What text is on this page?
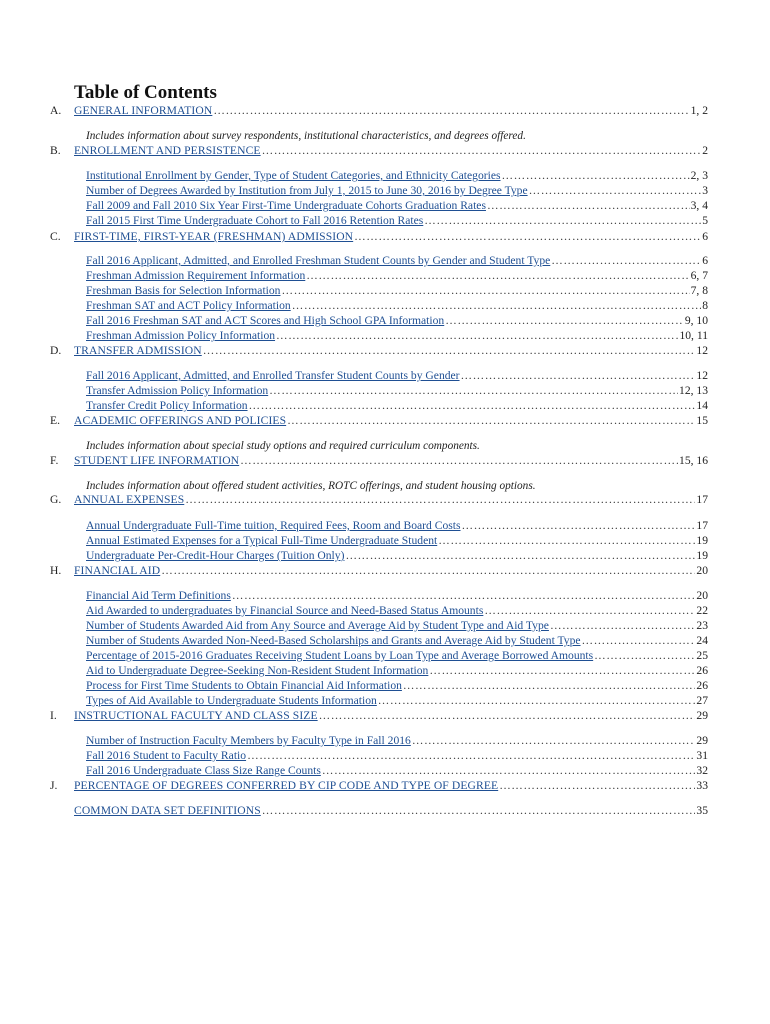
Table of Contents
A. GENERAL INFORMATION …………………………………………………………………………………………………………………………………………………………………………………………………………	1, 2
Includes information about survey respondents, institutional characteristics, and degrees offered.
B. ENROLLMENT AND PERSISTENCE …………………………………………………………………………………………………………………………………………………………………………………………………………	2
Institutional Enrollment by Gender, Type of Student Categories, and Ethnicity Categories …………………………………………………………………………………………………………………………………………………………………………………………………………	2, 3
Number of Degrees Awarded by Institution from July 1, 2015 to June 30, 2016 by Degree Type …………………………………………………………………………………………………………………………………………………………………………………………………………	3
Fall 2009 and Fall 2010 Six Year First-Time Undergraduate Cohorts Graduation Rates …………………………………………………………………………………………………………………………………………………………………………………………………………	3, 4
Fall 2015 First Time Undergraduate Cohort to Fall 2016 Retention Rates …………………………………………………………………………………………………………………………………………………………………………………………………………	5
C. FIRST-TIME, FIRST-YEAR (FRESHMAN) ADMISSION …………………………………………………………………………………………………………………………………………………………………………………………………………	6
Fall 2016 Applicant, Admitted, and Enrolled Freshman Student Counts by Gender and Student Type …………………………………………………………………………………………………………………………………………………………………………………………………………	6
Freshman Admission Requirement Information …………………………………………………………………………………………………………………………………………………………………………………………………………	6, 7
Freshman Basis for Selection Information …………………………………………………………………………………………………………………………………………………………………………………………………………	7, 8
Freshman SAT and ACT Policy Information …………………………………………………………………………………………………………………………………………………………………………………………………………	8
Fall 2016 Freshman SAT and ACT Scores and High School GPA Information …………………………………………………………………………………………………………………………………………………………………………………………………………	9, 10
Freshman Admission Policy Information …………………………………………………………………………………………………………………………………………………………………………………………………………	10, 11
D. TRANSFER ADMISSION …………………………………………………………………………………………………………………………………………………………………………………………………………	12
Fall 2016 Applicant, Admitted, and Enrolled Transfer Student Counts by Gender …………………………………………………………………………………………………………………………………………………………………………………………………………	12
Transfer Admission Policy Information …………………………………………………………………………………………………………………………………………………………………………………………………………	12, 13
Transfer Credit Policy Information …………………………………………………………………………………………………………………………………………………………………………………………………………	14
E. ACADEMIC OFFERINGS AND POLICIES …………………………………………………………………………………………………………………………………………………………………………………………………………	15
Includes information about special study options and required curriculum components.
F. STUDENT LIFE INFORMATION …………………………………………………………………………………………………………………………………………………………………………………………………………	15, 16
Includes information about offered student activities, ROTC offerings, and student housing options.
G. ANNUAL EXPENSES …………………………………………………………………………………………………………………………………………………………………………………………………………	17
Annual Undergraduate Full-Time tuition, Required Fees, Room and Board Costs …………………………………………………………………………………………………………………………………………………………………………………………………………	17
Annual Estimated Expenses for a Typical Full-Time Undergraduate Student …………………………………………………………………………………………………………………………………………………………………………………………………………	19
Undergraduate Per-Credit-Hour Charges (Tuition Only) …………………………………………………………………………………………………………………………………………………………………………………………………………	19
H. FINANCIAL AID …………………………………………………………………………………………………………………………………………………………………………………………………………	20
Financial Aid Term Definitions …………………………………………………………………………………………………………………………………………………………………………………………………………	20
Aid Awarded to undergraduates by Financial Source and Need-Based Status Amounts …………………………………………………………………………………………………………………………………………………………………………………………………………	22
Number of Students Awarded Aid from Any Source and Average Aid by Student Type and Aid Type …………………………………………………………………………………………………………………………………………………………………………………………………………	23
Number of Students Awarded Non-Need-Based Scholarships and Grants and Average Aid by Student Type …………………………………………………………………………………………………………………………………………………………………………………………………………	24
Percentage of 2015-2016 Graduates Receiving Student Loans by Loan Type and Average Borrowed Amounts …………………………………………………………………………………………………………………………………………………………………………………………………………	25
Aid to Undergraduate Degree-Seeking Non-Resident Student Information …………………………………………………………………………………………………………………………………………………………………………………………………………	26
Process for First Time Students to Obtain Financial Aid Information …………………………………………………………………………………………………………………………………………………………………………………………………………	26
Types of Aid Available to Undergraduate Students Information …………………………………………………………………………………………………………………………………………………………………………………………………………	27
I. INSTRUCTIONAL FACULTY AND CLASS SIZE …………………………………………………………………………………………………………………………………………………………………………………………………………	29
Number of Instruction Faculty Members by Faculty Type in Fall 2016 …………………………………………………………………………………………………………………………………………………………………………………………………………	29
Fall 2016 Student to Faculty Ratio …………………………………………………………………………………………………………………………………………………………………………………………………………	31
Fall 2016 Undergraduate Class Size Range Counts …………………………………………………………………………………………………………………………………………………………………………………………………………	32
J. PERCENTAGE OF DEGREES CONFERRED BY CIP CODE AND TYPE OF DEGREE …………………………………………………………………………………………………………………………………………………………………………………………………………	33
COMMON DATA SET DEFINITIONS …………………………………………………………………………………………………………………………………………………………………………………………………………	35
